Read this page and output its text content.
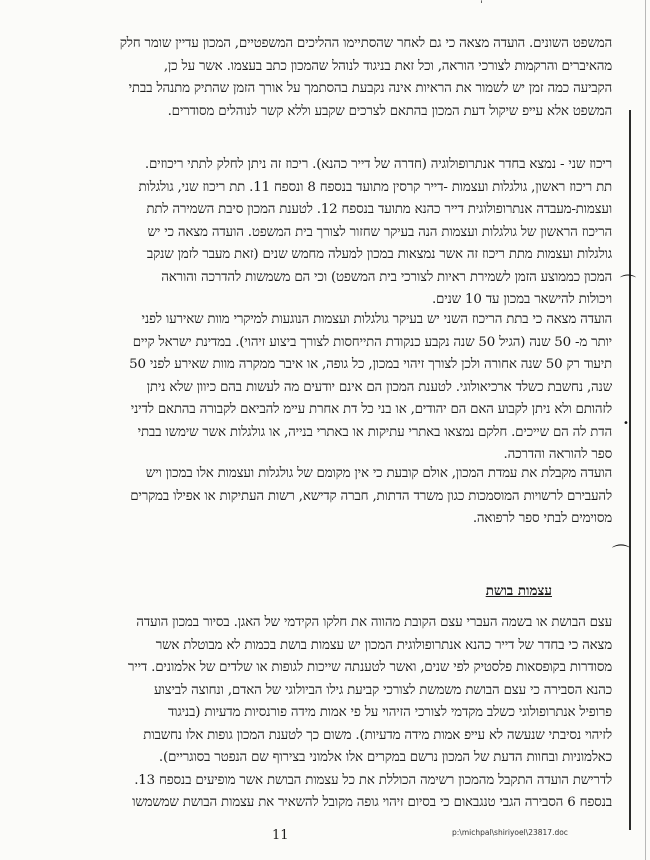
⌒
⌒
•
ˈ
המשפט השונים. הועדה מצאה כי גם לאחר שהסתיימו ההליכים המשפטיים, המכון עדיין שומר חלק
מהאיברים והרקמות לצורכי הוראה, וכל זאת בניגוד לנוהל שהמכון כתב בעצמו. אשר על כן,
הקביעה כמה זמן יש לשמור את הראיות אינה נקבעת בהסתמך על אורך הזמן שהתיק מתנהל בבתי
המשפט אלא עייפ שיקול דעת המכון בהתאם לצרכים שקבע וללא קשר לנוהלים מסודרים.
ריכוז שני - נמצא בחדר אנתרופולוגיה (חדרה של דייר כהנא). ריכוז זה ניתן לחלק לתתי ריכוזים.
תת ריכוז ראשון, גולגלות ועצמות -דייר קרסין מתועד בנספח 8 ונספח 11. תת ריכוז שני, גולגלות
ועצמות-מעבדה אנתרופולוגית דייר כהנא מתועד בנספח 12. לטענת המכון סיבת השמירה לתת
הריכוז הראשון של גולגלות ועצמות הנה בעיקר שחזור לצורך בית המשפט. הועדה מצאה כי יש
גולגלות ועצמות מתת ריכוז זה אשר נמצאות במכון למעלה מחמש שנים (זאת מעבר לזמן שנקב
המכון כממוצע הזמן לשמירת ראיות לצורכי בית המשפט) וכי הם משמשות להדרכה והוראה
ויכולות להישאר במכון עד 10 שנים.
הועדה מצאה כי בתת הריכוז השני יש בעיקר גולגלות ועצמות הנוגעות למיקרי מוות שאירעו לפני
יותר מ- 50 שנה (הגיל 50 שנה נקבע כנקודת התייחסות לצורך ביצוע זיהוי). במדינת ישראל קיים
תיעוד רק 50 שנה אחורה ולכן לצורך זיהוי במכון, כל גופה, או איבר ממקרה מוות שאירע לפני 50
שנה, נחשבת כשלד ארכיאולוגי. לטענת המכון הם אינם יודעים מה לעשות בהם כיוון שלא ניתן
לזהותם ולא ניתן לקבוע האם הם יהודים, או בני כל דת אחרת עיימ להביאם לקבורה בהתאם לדיני
הדת לה הם שייכים. חלקם נמצאו באתרי עתיקות או באתרי בנייה, או גולגלות אשר שימשו בבתי
ספר להוראה והדרכה.
הועדה מקבלת את עמדת המכון, אולם קובעת כי אין מקומם של גולגלות ועצמות אלו במכון ויש
להעבירם לרשויות המוסמכות כגון משרד הדתות, חברה קדישא, רשות העתיקות או אפילו במקרים
מסוימים לבתי ספר לרפואה.
עצמות בושת
עצם הבושת או בשמה העברי עצם הקובת מהווה את חלקו הקידמי של האגן. בסיור במכון הועדה
מצאה כי בחדר של דייר כהנא אנתרופולוגית המכון יש עצמות בושת בכמות לא מבוטלת אשר
מסודרות בקופסאות פלסטיק לפי שנים, ואשר לטענתה שייכות לגופות או שלדים של אלמונים. דייר
כהנא הסבירה כי עצם הבושת משמשת לצורכי קביעת גילו הביולוגי של האדם, ונחוצה לביצוע
פרופיל אנתרופולוגי כשלב מקדמי לצורכי הזיהוי על פי אמות מידה פורנסיות מדעיות (בניגוד
לזיהוי נסיבתי שנעשה לא עייפ אמות מידה מדעיות). משום כך לטענת המכון גופות אלו נחשבות
כאלמוניות ובחוות הדעת של המכון נרשם במקרים אלו אלמוני בצירוף שם הנפטר בסוגריים).
לדרישת הועדה התקבל מהמכון רשימה הכוללת את כל עצמות הבושת אשר מופיעים בנספח 13.
בנספח 6 הסבירה הגבי טנגבאום כי בסיום זיהוי גופה מקובל להשאיר את עצמות הבושת שמשמשו
11	p:\michpal\shiriyoel\23817.doc
